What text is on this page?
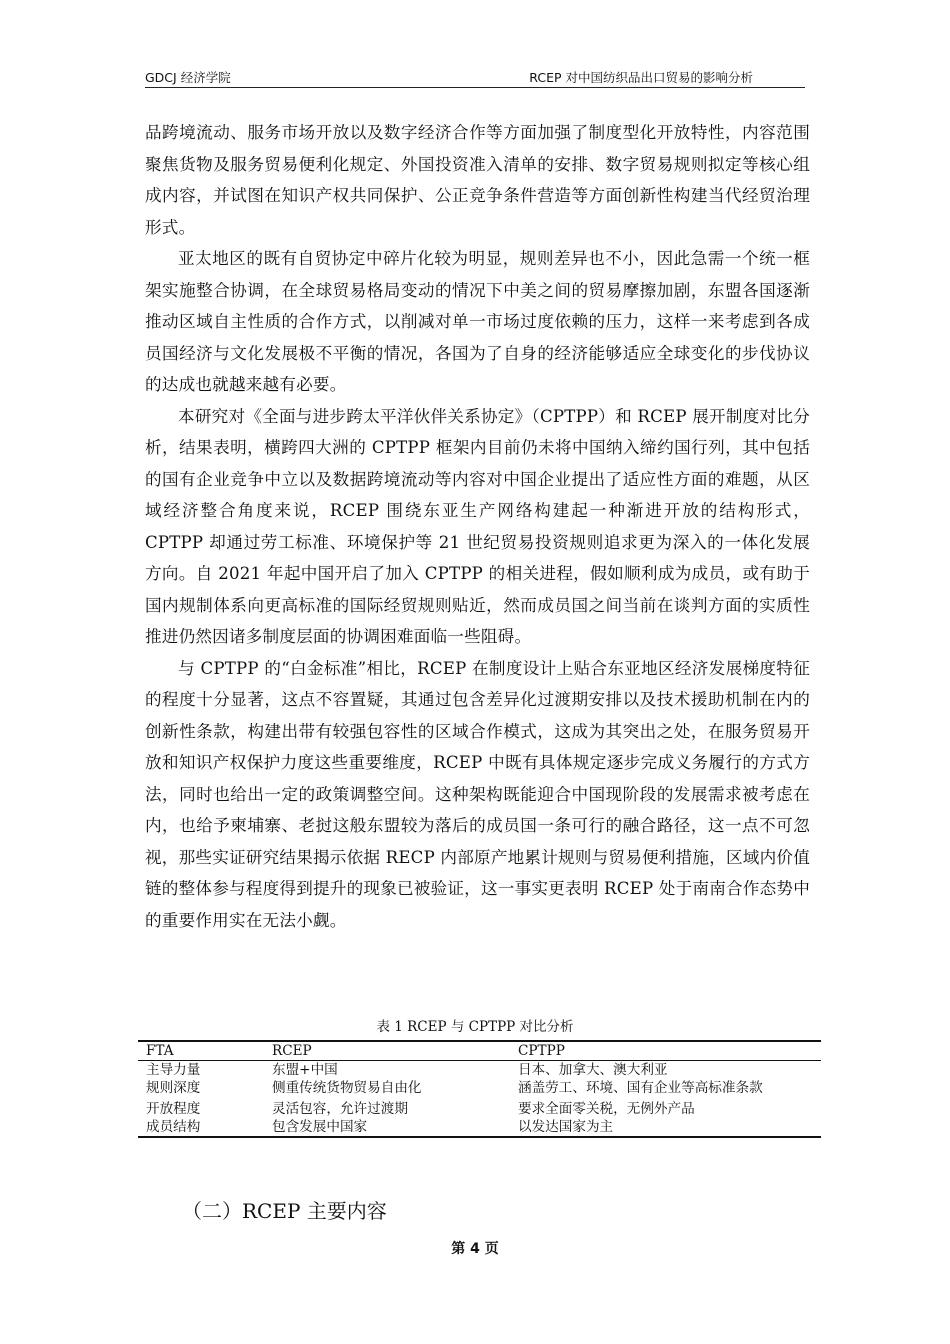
GDCJ 经济学院	RCEP 对中国纺织品出口贸易的影响分析

品跨境流动、服务市场开放以及数字经济合作等方面加强了制度型化开放特性，内容范围聚焦货物及服务贸易便利化规定、外国投资准入清单的安排、数字贸易规则拟定等核心组成内容，并试图在知识产权共同保护、公正竞争条件营造等方面创新性构建当代经贸治理形式。

亚太地区的既有自贸协定中碎片化较为明显，规则差异也不小，因此急需一个统一框架实施整合协调，在全球贸易格局变动的情况下中美之间的贸易摩擦加剧，东盟各国逐渐推动区域自主性质的合作方式，以削减对单一市场过度依赖的压力，这样一来考虑到各成员国经济与文化发展极不平衡的情况，各国为了自身的经济能够适应全球变化的步伐协议的达成也就越来越有必要。

本研究对《全面与进步跨太平洋伙伴关系协定》（CPTPP）和 RCEP 展开制度对比分析，结果表明，横跨四大洲的 CPTPP 框架内目前仍未将中国纳入缔约国行列，其中包括的国有企业竞争中立以及数据跨境流动等内容对中国企业提出了适应性方面的难题，从区域经济整合角度来说，RCEP 围绕东亚生产网络构建起一种渐进开放的结构形式，CPTPP 却通过劳工标准、环境保护等 21 世纪贸易投资规则追求更为深入的一体化发展方向。自 2021 年起中国开启了加入 CPTPP 的相关进程，假如顺利成为成员，或有助于国内规制体系向更高标准的国际经贸规则贴近，然而成员国之间当前在谈判方面的实质性推进仍然因诸多制度层面的协调困难面临一些阻碍。

与 CPTPP 的“白金标准”相比，RCEP 在制度设计上贴合东亚地区经济发展梯度特征的程度十分显著，这点不容置疑，其通过包含差异化过渡期安排以及技术援助机制在内的创新性条款，构建出带有较强包容性的区域合作模式，这成为其突出之处，在服务贸易开放和知识产权保护力度这些重要维度，RCEP 中既有具体规定逐步完成义务履行的方式方法，同时也给出一定的政策调整空间。这种架构既能迎合中国现阶段的发展需求被考虑在内，也给予柬埔寨、老挝这般东盟较为落后的成员国一条可行的融合路径，这一点不可忽视，那些实证研究结果揭示依据 RECP 内部原产地累计规则与贸易便利措施，区域内价值链的整体参与程度得到提升的现象已被验证，这一事实更表明 RCEP 处于南南合作态势中的重要作用实在无法小觑。

表 1 RCEP 与 CPTPP 对比分析
FTA	RCEP	CPTPP
主导力量	东盟+中国	日本、加拿大、澳大利亚
规则深度	侧重传统货物贸易自由化	涵盖劳工、环境、国有企业等高标准条款
开放程度	灵活包容，允许过渡期	要求全面零关税，无例外产品
成员结构	包含发展中国家	以发达国家为主
（二）RCEP 主要内容
第 4 页
